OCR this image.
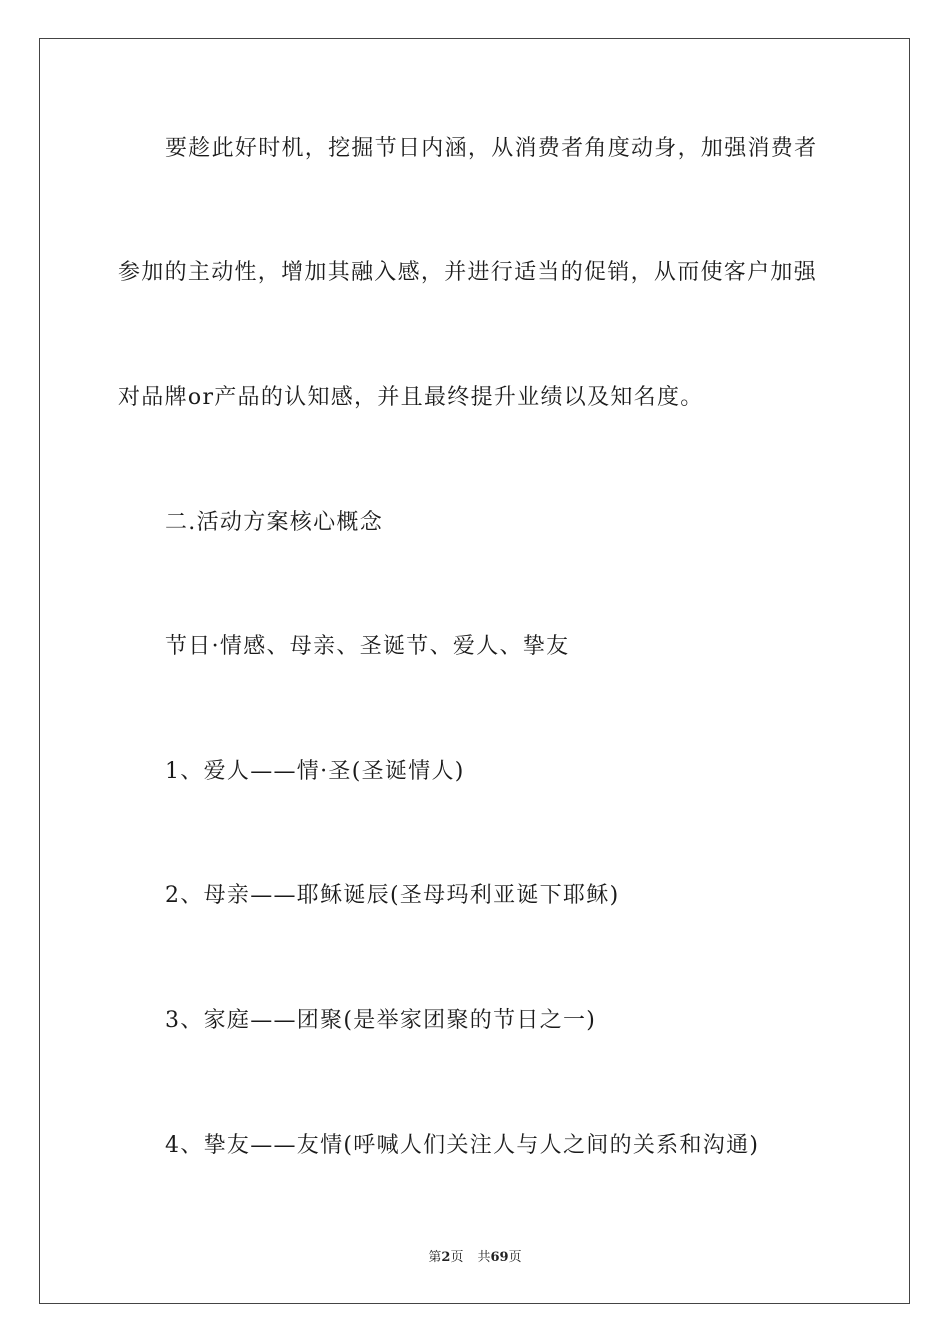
要趁此好时机，挖掘节日内涵，从消费者角度动身，加强消费者
参加的主动性，增加其融入感，并进行适当的促销，从而使客户加强
对品牌or产品的认知感，并且最终提升业绩以及知名度。
二.活动方案核心概念
节日·情感、母亲、圣诞节、爱人、挚友
1、爱人——情·圣(圣诞情人)
2、母亲——耶稣诞辰(圣母玛利亚诞下耶稣)
3、家庭——团聚(是举家团聚的节日之一)
4、挚友——友情(呼喊人们关注人与人之间的关系和沟通)
第2页 共69页
